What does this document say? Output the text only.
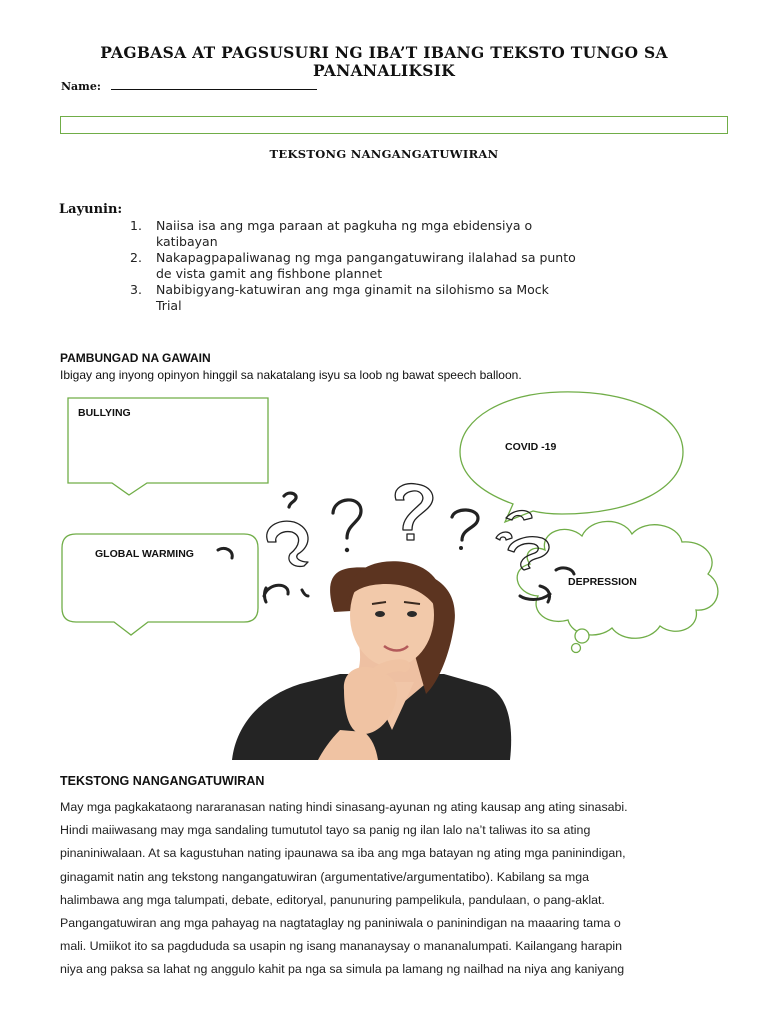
PAGBASA AT PAGSUSURI NG IBA’T IBANG TEKSTO TUNGO SA
PANANALIKSIK
Name:
TEKSTONG NANGANGATUWIRAN
Layunin:
1.	Naiisa isa ang mga paraan at pagkuha ng mga ebidensiya o
katibayan
2.	Nakapagpapaliwanag ng mga pangangatuwirang ilalahad sa punto
de vista gamit ang fishbone plannet
3.	Nabibigyang-katuwiran ang mga ginamit na silohismo sa Mock
Trial
PAMBUNGAD NA GAWAIN
Ibigay ang inyong opinyon hinggil sa nakatalang isyu sa loob ng bawat speech balloon.
BULLYING
COVID -19
GLOBAL WARMING
DEPRESSION
TEKSTONG NANGANGATUWIRAN
May mga pagkakataong nararanasan nating hindi sinasang-ayunan ng ating kausap ang ating sinasabi.
Hindi maiiwasang may mga sandaling tumututol tayo sa panig ng ilan lalo na’t taliwas ito sa ating
pinaniniwalaan. At sa kagustuhan nating ipaunawa sa iba ang mga batayan ng ating mga paninindigan,
ginagamit natin ang tekstong nangangatuwiran (argumentative/argumentatibo). Kabilang sa mga
halimbawa ang mga talumpati, debate, editoryal, panunuring pampelikula, pandulaan, o pang-aklat.
Pangangatuwiran ang mga pahayag na nagtataglay ng paniniwala o paninindigan na maaaring tama o
mali. Umiikot ito sa pagdududa sa usapin ng isang mananaysay o mananalumpati. Kailangang harapin
niya ang paksa sa lahat ng anggulo kahit pa nga sa simula pa lamang ng nailhad na niya ang kaniyang
